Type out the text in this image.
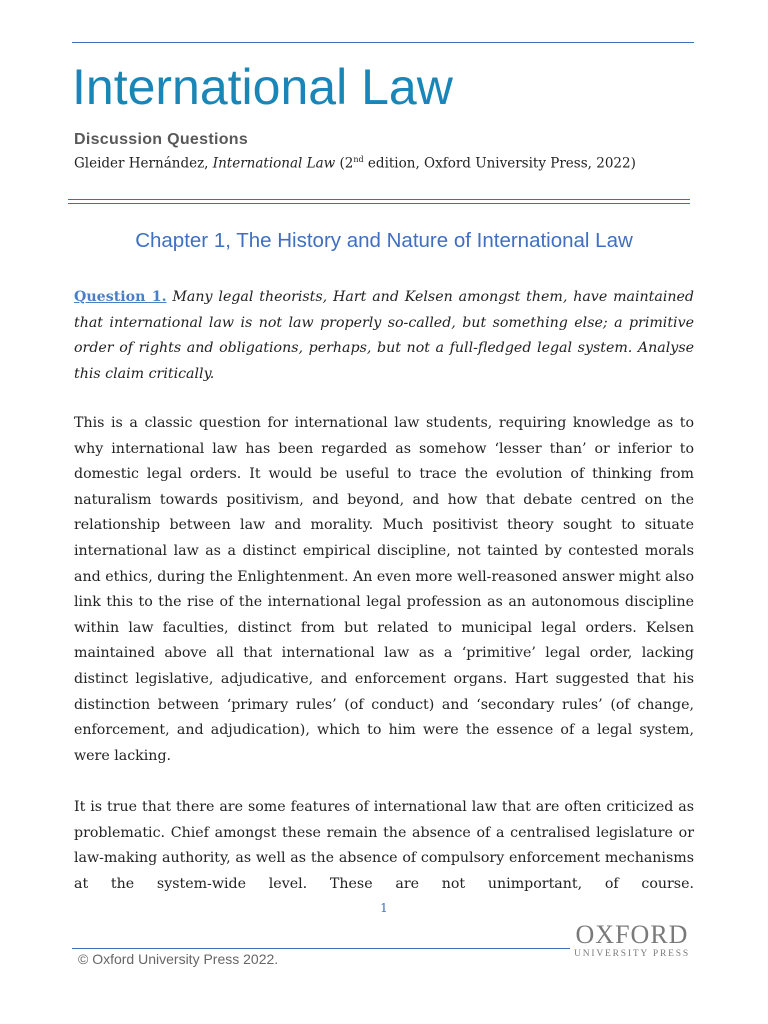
International Law
Discussion Questions
Gleider Hernández, International Law (2nd edition, Oxford University Press, 2022)
Chapter 1, The History and Nature of International Law

Question 1. Many legal theorists, Hart and Kelsen amongst them, have maintained that international law is not law properly so-called, but something else; a primitive order of rights and obligations, perhaps, but not a full-fledged legal system. Analyse this claim critically.

This is a classic question for international law students, requiring knowledge as to why international law has been regarded as somehow ‘lesser than’ or inferior to domestic legal orders. It would be useful to trace the evolution of thinking from naturalism towards positivism, and beyond, and how that debate centred on the relationship between law and morality. Much positivist theory sought to situate international law as a distinct empirical discipline, not tainted by contested morals and ethics, during the Enlightenment. An even more well-reasoned answer might also link this to the rise of the international legal profession as an autonomous discipline within law faculties, distinct from but related to municipal legal orders. Kelsen maintained above all that international law as a ‘primitive’ legal order, lacking distinct legislative, adjudicative, and enforcement organs. Hart suggested that his distinction between ‘primary rules’ (of conduct) and ‘secondary rules’ (of change, enforcement, and adjudication), which to him were the essence of a legal system, were lacking.

It is true that there are some features of international law that are often criticized as problematic. Chief amongst these remain the absence of a centralised legislature or law-making authority, as well as the absence of compulsory enforcement mechanisms at the system-wide level. These are not unimportant, of course.

1
© Oxford University Press 2022.
OXFORD
UNIVERSITY PRESS
